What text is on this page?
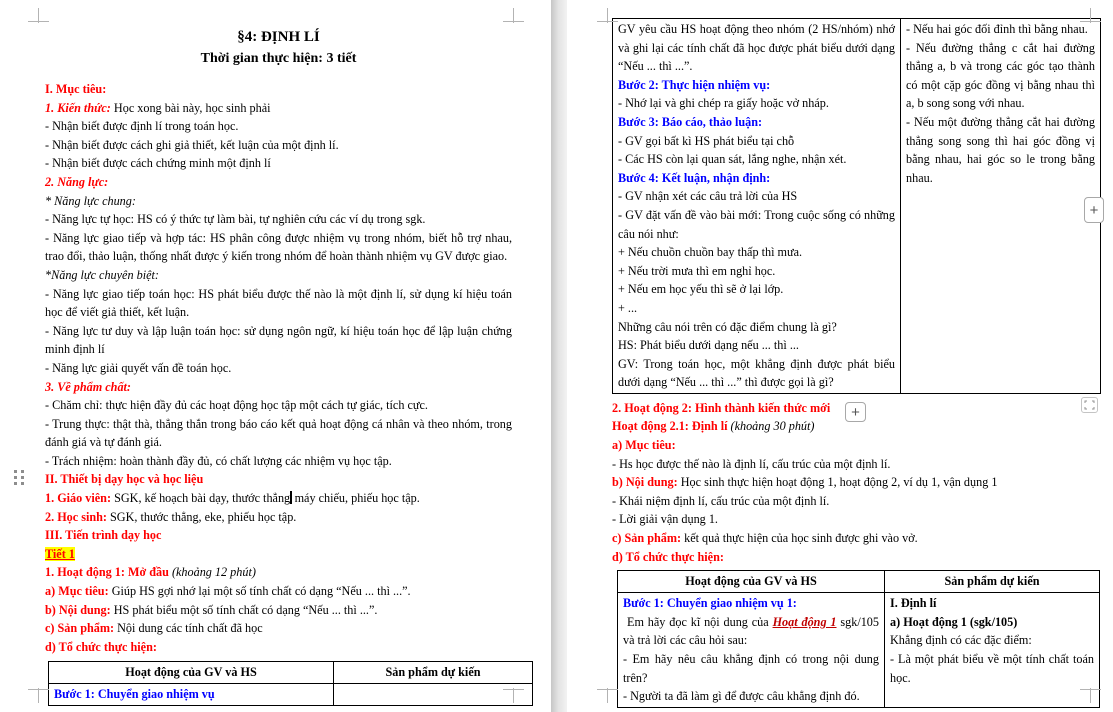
§4: ĐỊNH LÍ
Thời gian thực hiện: 3 tiết
I. Mục tiêu:
1. Kiến thức: Học xong bài này, học sinh phải
- Nhận biết được định lí trong toán học.
- Nhận biết được cách ghi giả thiết, kết luận của một định lí.
- Nhận biết được cách chứng minh một định lí
2. Năng lực:
* Năng lực chung:
- Năng lực tự học: HS có ý thức tự làm bài, tự nghiên cứu các ví dụ trong sgk.
- Năng lực giao tiếp và hợp tác: HS phân công được nhiệm vụ trong nhóm, biết hỗ trợ nhau, trao đổi, thảo luận, thống nhất được ý kiến trong nhóm để hoàn thành nhiệm vụ GV được giao.
*Năng lực chuyên biệt:
- Năng lực giao tiếp toán học: HS phát biểu được thế nào là một định lí, sử dụng kí hiệu toán học để viết giả thiết, kết luận.
- Năng lực tư duy và lập luận toán học: sử dụng ngôn ngữ, kí hiệu toán học để lập luận chứng minh định lí
- Năng lực giải quyết vấn đề toán học.
3. Về phẩm chất:
- Chăm chỉ: thực hiện đầy đủ các hoạt động học tập một cách tự giác, tích cực.
- Trung thực: thật thà, thẳng thắn trong báo cáo kết quả hoạt động cá nhân và theo nhóm, trong đánh giá và tự đánh giá.
- Trách nhiệm: hoàn thành đầy đủ, có chất lượng các nhiệm vụ học tập.
II. Thiết bị dạy học và học liệu
1. Giáo viên: SGK, kế hoạch bài dạy, thước thẳng máy chiếu, phiếu học tập.
2. Học sinh: SGK, thước thẳng, eke, phiếu học tập.
III. Tiến trình dạy học
Tiết 1
1. Hoạt động 1: Mở đầu (khoảng 12 phút)
a) Mục tiêu: Giúp HS gợi nhớ lại một số tính chất có dạng “Nếu ... thì ...”.
b) Nội dung: HS phát biểu một số tính chất có dạng “Nếu ... thì ...”.
c) Sản phẩm: Nội dung các tính chất đã học
d) Tổ chức thực hiện:
Hoạt động của GV và HS	Sản phẩm dự kiến

Bước 1: Chuyển giao nhiệm vụ	

GV yêu cầu HS hoạt động theo nhóm (2 HS/nhóm) nhớ và ghi lại các tính chất đã học được phát biểu dưới dạng “Nếu ... thì ...”.
Bước 2: Thực hiện nhiệm vụ:
- Nhớ lại và ghi chép ra giấy hoặc vở nháp.
Bước 3: Báo cáo, thảo luận:
- GV gọi bất kì HS phát biểu tại chỗ
- Các HS còn lại quan sát, lắng nghe, nhận xét.
Bước 4: Kết luận, nhận định:
- GV nhận xét các câu trả lời của HS
- GV đặt vấn đề vào bài mới: Trong cuộc sống có những câu nói như:
+ Nếu chuồn chuồn bay thấp thì mưa.
+ Nếu trời mưa thì em nghỉ học.
+ Nếu em học yếu thì sẽ ở lại lớp.
+ ...
Những câu nói trên có đặc điểm chung là gì?
HS: Phát biểu dưới dạng nếu ... thì ...
GV: Trong toán học, một khẳng định được phát biểu dưới dạng “Nếu ... thì ...” thì được gọi là gì?

- Nếu hai góc đối đỉnh thì bằng nhau.
- Nếu đường thẳng c cắt hai đường thẳng a, b và trong các góc tạo thành có một cặp góc đồng vị bằng nhau thì a, b song song với nhau.
- Nếu một đường thẳng cắt hai đường thẳng song song thì hai góc đồng vị bằng nhau, hai góc so le trong bằng nhau.
2. Hoạt động 2: Hình thành kiến thức mới
Hoạt động 2.1: Định lí (khoảng 30 phút)
a) Mục tiêu:
- Hs học được thế nào là định lí, cấu trúc của một định lí.
b) Nội dung: Học sinh thực hiện hoạt động 1, hoạt động 2, ví dụ 1, vận dụng 1
- Khái niệm định lí, cấu trúc của một định lí.
- Lời giải vận dụng 1.
c) Sản phẩm: kết quả thực hiện của học sinh được ghi vào vở.
d) Tổ chức thực hiện:
Hoạt động của GV và HS	Sản phẩm dự kiến

Bước 1: Chuyển giao nhiệm vụ 1:
Em hãy đọc kĩ nội dung của Hoạt động 1 sgk/105 và trả lời các câu hỏi sau:
- Em hãy nêu câu khẳng định có trong nội dung trên?
- Người ta đã làm gì để được câu khẳng định đó.

I. Định lí
a) Hoạt động 1 (sgk/105)
Khẳng định có các đặc điểm:
- Là một phát biểu về một tính chất toán học.
+
+
